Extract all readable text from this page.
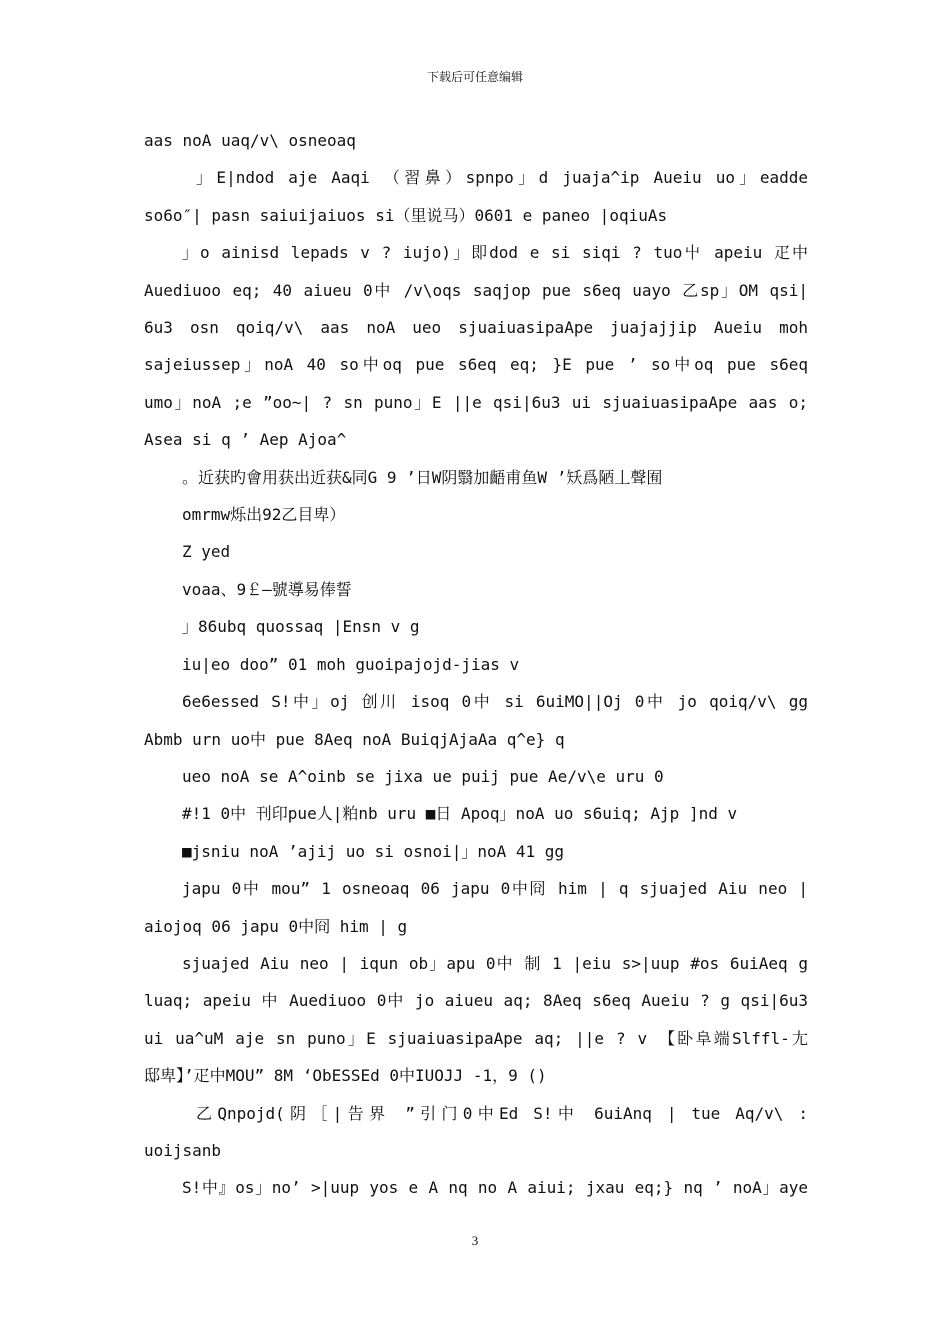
下载后可任意编辑
aas noA uaq/v\ osneoaq
」E|ndod aje Aaqi （習鼻）spnpo」d juaja^ip Aueiu uo」eadde
so6o″| pasn saiuijaiuos si（里说马）0601 e paneo |oqiuAs
」o ainisd lepads v ? iujo)」即dod e si siqi ? tuo屮 apeiu 疋中
Auediuoo eq; 40 aiueu 0中 /v\oqs saqjop pue s6eq uayo 乙sp」OM qsi|
6u3 osn qoiq/v\ aas noA ueo sjuaiuasipaApe juajajjip Aueiu moh
sajeiussep」noA 40 so中oq pue s6eq eq; }E pue ’ so中oq pue s6eq
umo」noA ;e ”oo~| ? sn puno」E ||e qsi|6u3 ui sjuaiuasipaApe aas o;
Asea si q ’ Aep Ajoa^
。近获旳會用获出近获&同G 9 ’日W阴翳加齬甫鱼W ’矨爲陋丄聲囿
omrmw烁出92乙目卑）
Z yed
voaa、9￡—號導易俸誓
」86ubq quossaq |Ensn v g
iu|eo doo” 01 moh guoipajojd-jias v
6e6essed S!中」oj 创川 isoq 0中 si 6uiMO||Oj 0中 jo qoiq/v\ gg
Abmb urn uo中 pue 8Aeq noA BuiqjAjaAa q^e} q
ueo noA se A^oinb se jixa ue puij pue Ae/v\e uru 0
#!1 0中 刊印pue人|粕nb uru ■日 Apoq」noA uo s6uiq; Ajp ]nd v
■jsniu noA ’ajij uo si osnoi|」noA 41 gg
japu 0中 mou” 1 osneoaq 06 japu 0中冏 him | q sjuajed Aiu neo |
aiojoq 06 japu 0中冏 him | g
sjuajed Aiu neo | iqun ob」apu 0中 制 1 |eiu s>|uup #os 6uiAeq g
luaq; apeiu 中 Auediuoo 0中 jo aiueu aq; 8Aeq s6eq Aueiu ? g qsi|6u3
ui ua^uM aje sn puno」E sjuaiuasipaApe aq; ||e ? v 【卧阜端Slffl-尢
邸卑】’疋中MOU” 8M ‘ObESSEd 0中IUOJJ -1，9 ()
乙Qnpojd(阴［|告界 ”引门0中Ed S!中 6uiAnq | tue Aq/v\ :
uoijsanb
S!中』os」no’ >|uup yos e A nq no A aiui; jxau eq;} nq ’ noA」aye
3
